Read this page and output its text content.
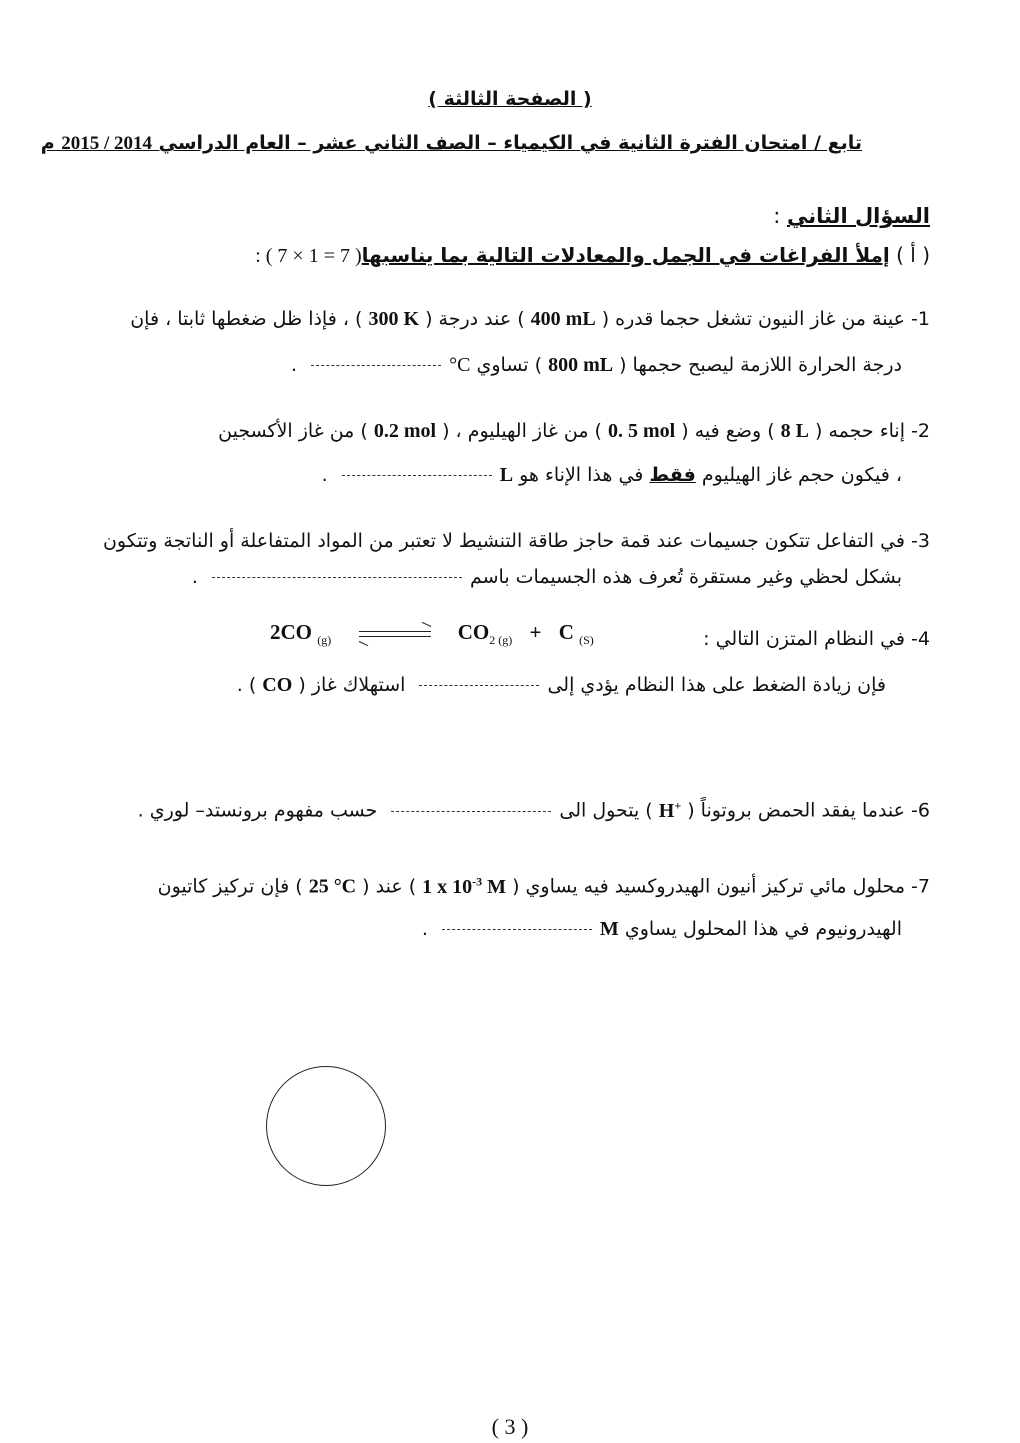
( الصفحة الثالثة )
تابع / امتحان الفترة الثانية في الكيمياء – الصف الثاني عشر – العام الدراسي 2015 / 2014 م
السؤال الثاني :
( أ ) إملأ الفراغات في الجمل والمعادلات التالية بما يناسبها : ( 7 × 1 = 7 )
1- عينة من غاز النيون تشغل حجما قدره ( 400 mL ) عند درجة ( 300 K ) ، فإذا ظل ضغطها ثابتا ، فإن
درجة الحرارة اللازمة ليصبح حجمها ( 800 mL ) تساوي °C .
2- إناء حجمه ( 8 L ) وضع فيه ( 0. 5 mol ) من غاز الهيليوم ، ( 0.2 mol ) من غاز الأكسجين
، فيكون حجم غاز الهيليوم فقط في هذا الإناء هو L .
3- في التفاعل تتكون جسيمات عند قمة حاجز طاقة التنشيط لا تعتبر من المواد المتفاعلة أو الناتجة وتتكون
بشكل لحظي وغير مستقرة تُعرف هذه الجسيمات باسم .
4- في النظام المتزن التالي :
2CO $_{(g)}$	$CO_{2 (g)} + C$ $_{(S)}$
فإن زيادة الضغط على هذا النظام يؤدي إلى استهلاك غاز ( CO ) .
6- عندما يفقد الحمض بروتوناً ( H+ ) يتحول الى حسب مفهوم برونستد– لوري .
7- محلول مائي تركيز أنيون الهيدروكسيد فيه يساوي ( 1 x $10^{-3}$ M ) عند ( 25 °C ) فإن تركيز كاتيون
الهيدرونيوم في هذا المحلول يساوي M .
( 3 )
